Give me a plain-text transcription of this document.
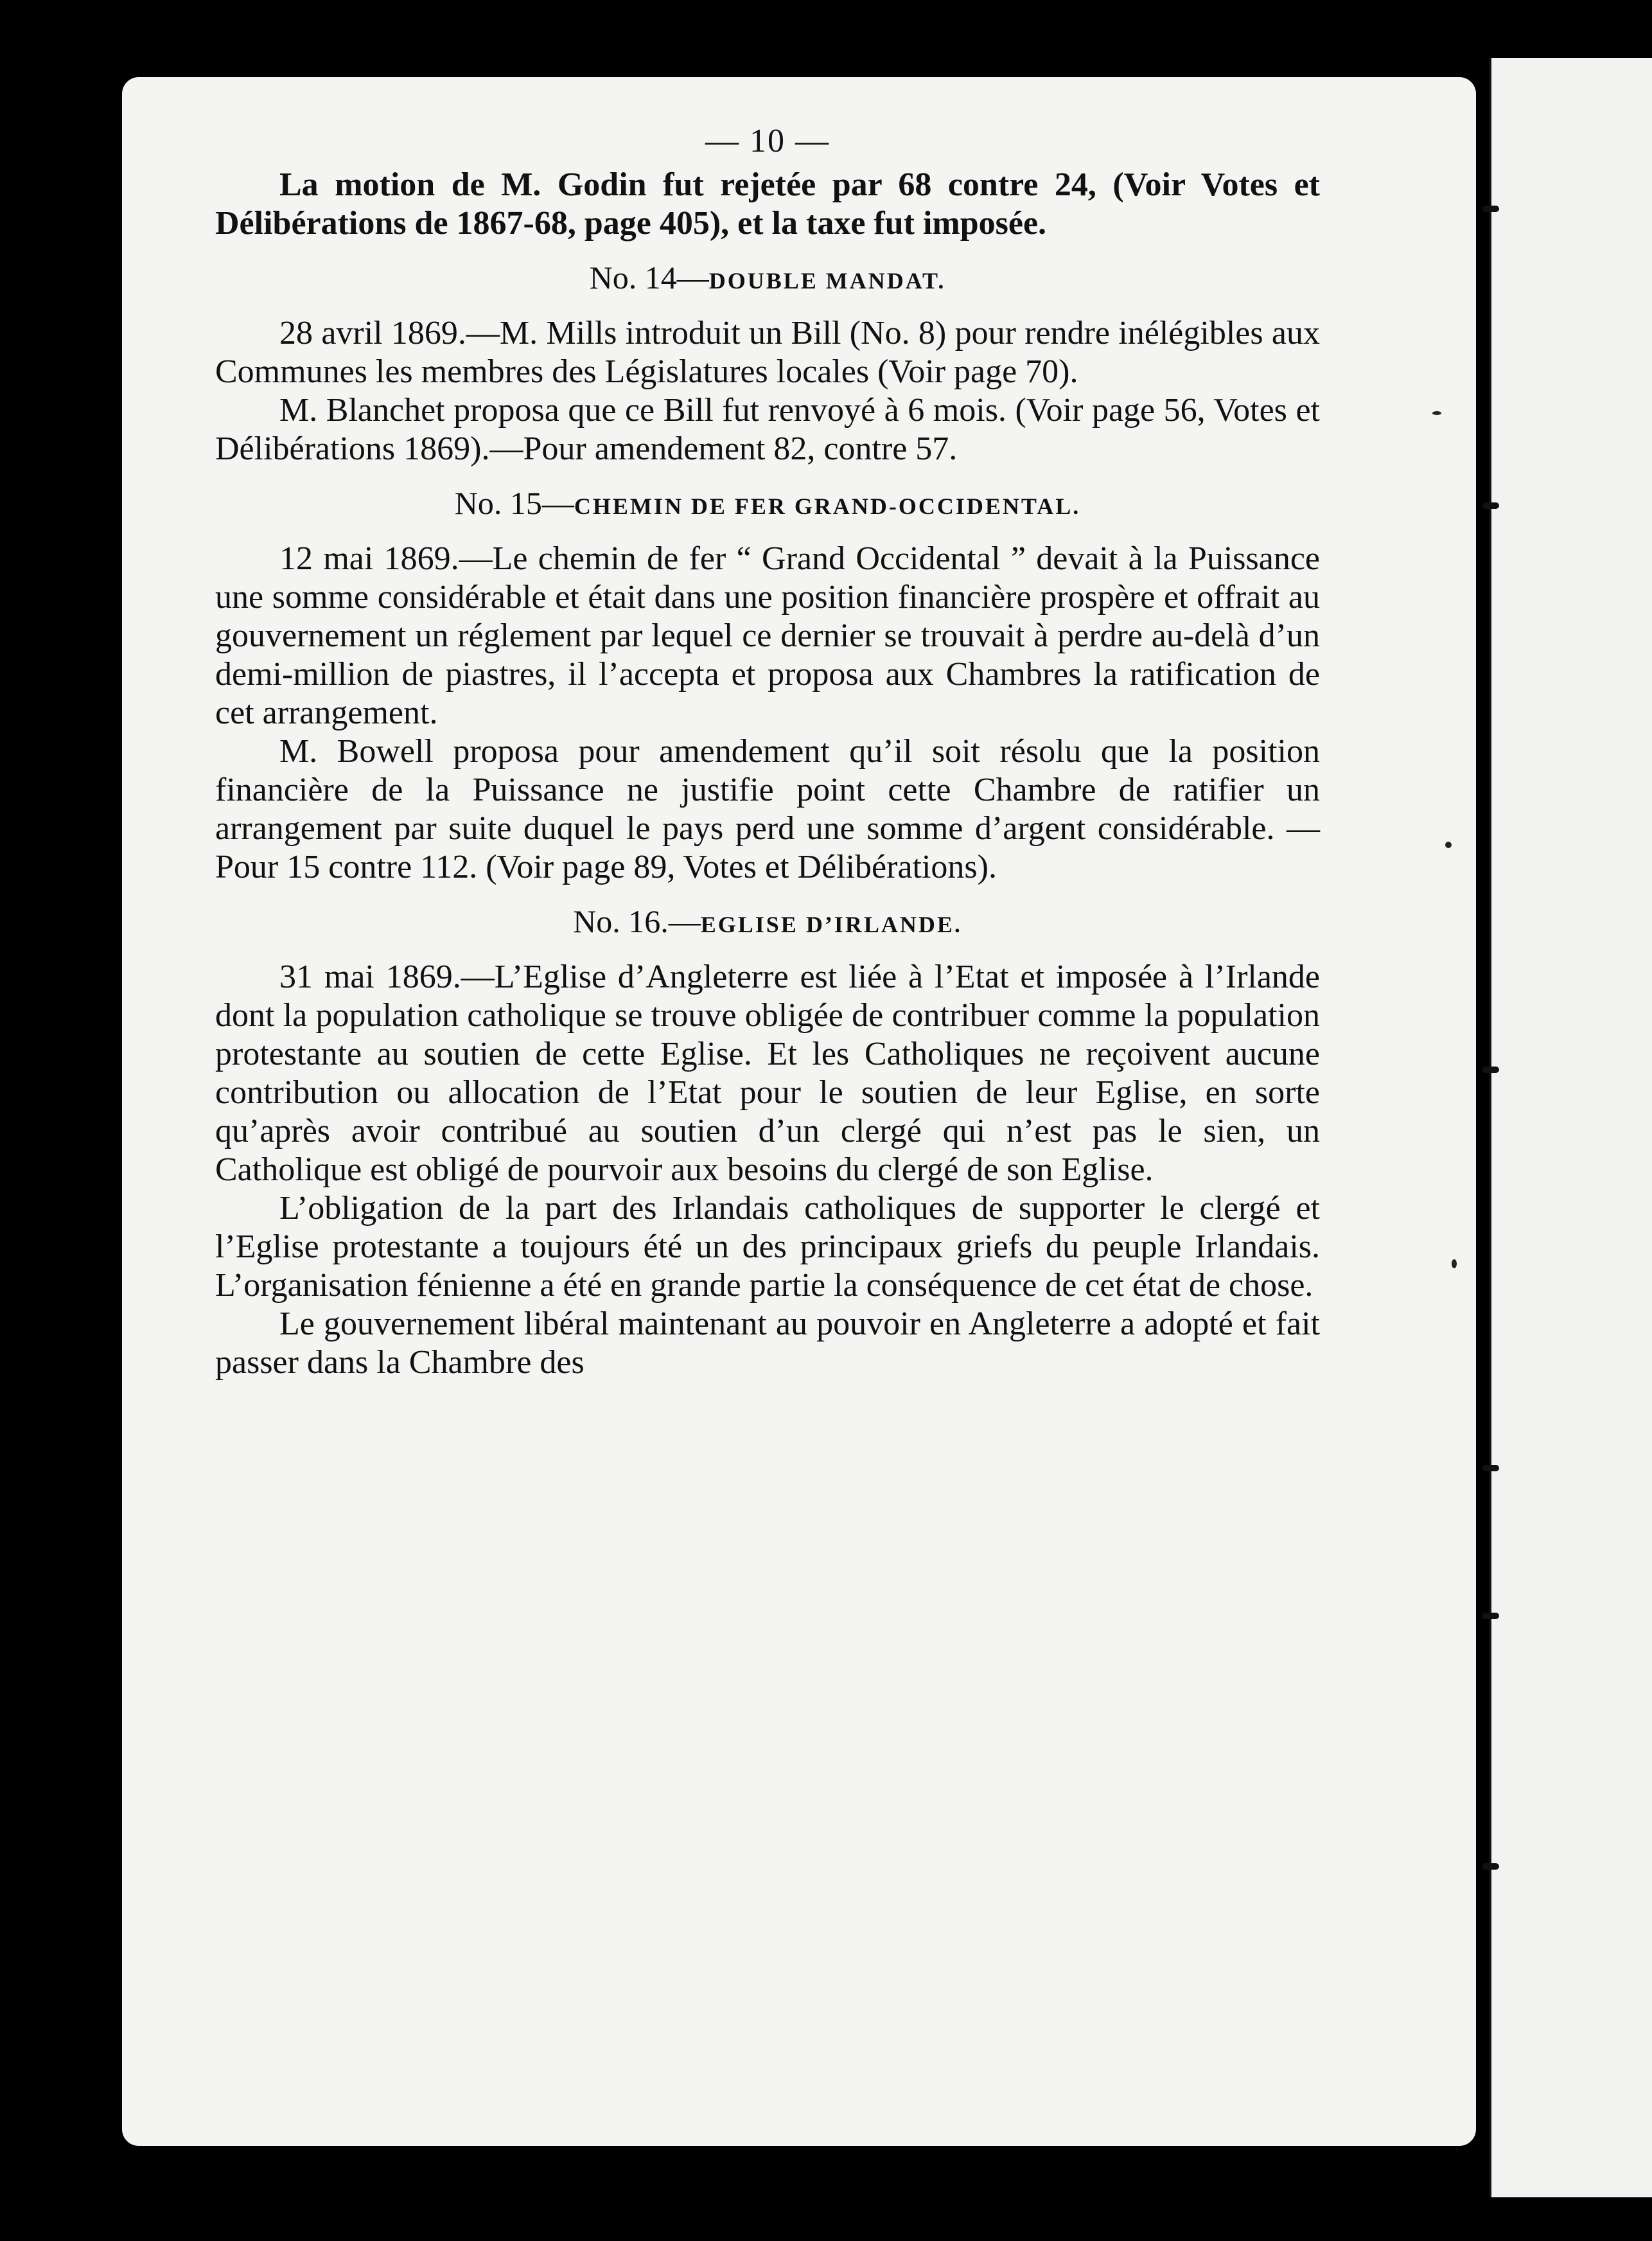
— 10 —

La motion de M. Godin fut rejetée par 68 contre 24, (Voir Votes et Délibérations de 1867-68, page 405), et la taxe fut imposée.

No. 14—DOUBLE MANDAT.

28 avril 1869.—M. Mills introduit un Bill (No. 8) pour rendre inélégibles aux Communes les membres des Législatures locales (Voir page 70).

M. Blanchet proposa que ce Bill fut renvoyé à 6 mois. (Voir page 56, Votes et Délibérations 1869).—Pour amendement 82, contre 57.

No. 15—CHEMIN DE FER GRAND-OCCIDENTAL.

12 mai 1869.—Le chemin de fer “ Grand Occidental ” devait à la Puissance une somme considérable et était dans une position financière prospère et offrait au gouvernement un réglement par lequel ce dernier se trouvait à perdre au-delà d’un demi-million de piastres, il l’accepta et proposa aux Chambres la ratification de cet arrangement.

M. Bowell proposa pour amendement qu’il soit résolu que la position financière de la Puissance ne justifie point cette Chambre de ratifier un arrangement par suite duquel le pays perd une somme d’argent considérable. — Pour 15 contre 112. (Voir page 89, Votes et Délibérations).

No. 16.—EGLISE D’IRLANDE.

31 mai 1869.—L’Eglise d’Angleterre est liée à l’Etat et imposée à l’Irlande dont la population catholique se trouve obligée de contribuer comme la population protestante au soutien de cette Eglise. Et les Catholiques ne reçoivent aucune contribution ou allocation de l’Etat pour le soutien de leur Eglise, en sorte qu’après avoir contribué au soutien d’un clergé qui n’est pas le sien, un Catholique est obligé de pourvoir aux besoins du clergé de son Eglise.

L’obligation de la part des Irlandais catholiques de supporter le clergé et l’Eglise protestante a toujours été un des principaux griefs du peuple Irlandais. L’organisation fénienne a été en grande partie la conséquence de cet état de chose.

Le gouvernement libéral maintenant au pouvoir en Angleterre a adopté et fait passer dans la Chambre des
